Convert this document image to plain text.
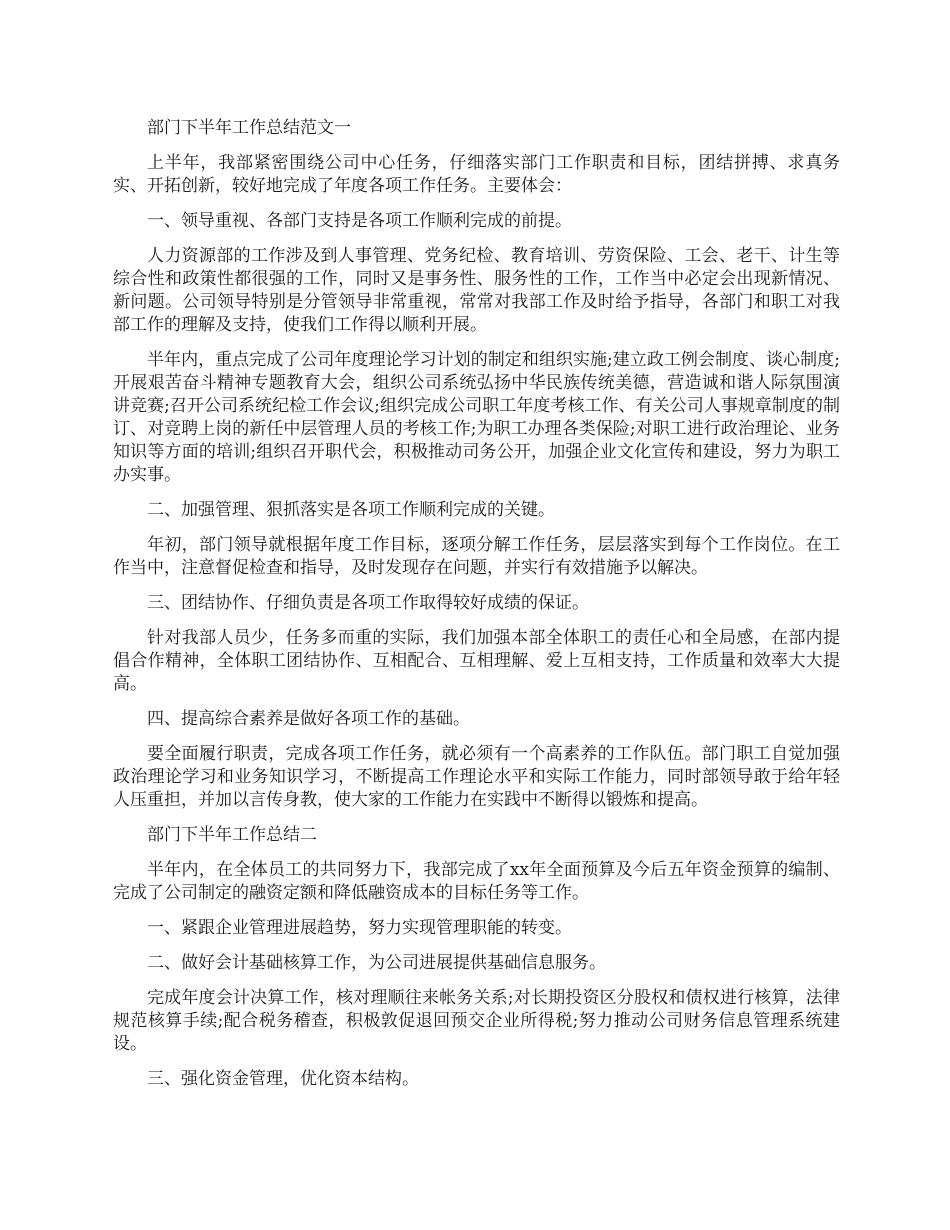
部门下半年工作总结范文一

上半年，我部紧密围绕公司中心任务，仔细落实部门工作职责和目标，团结拼搏、求真务实、开拓创新，较好地完成了年度各项工作任务。主要体会：

一、领导重视、各部门支持是各项工作顺利完成的前提。

人力资源部的工作涉及到人事管理、党务纪检、教育培训、劳资保险、工会、老干、计生等综合性和政策性都很强的工作，同时又是事务性、服务性的工作，工作当中必定会出现新情况、新问题。公司领导特别是分管领导非常重视，常常对我部工作及时给予指导，各部门和职工对我部工作的理解及支持，使我们工作得以顺利开展。

半年内，重点完成了公司年度理论学习计划的制定和组织实施;建立政工例会制度、谈心制度;开展艰苦奋斗精神专题教育大会，组织公司系统弘扬中华民族传统美德，营造诚和谐人际氛围演讲竞赛;召开公司系统纪检工作会议;组织完成公司职工年度考核工作、有关公司人事规章制度的制订、对竞聘上岗的新任中层管理人员的考核工作;为职工办理各类保险;对职工进行政治理论、业务知识等方面的培训;组织召开职代会，积极推动司务公开，加强企业文化宣传和建设，努力为职工办实事。

二、加强管理、狠抓落实是各项工作顺利完成的关键。

年初，部门领导就根据年度工作目标，逐项分解工作任务，层层落实到每个工作岗位。在工作当中，注意督促检查和指导，及时发现存在问题，并实行有效措施予以解决。

三、团结协作、仔细负责是各项工作取得较好成绩的保证。

针对我部人员少，任务多而重的实际，我们加强本部全体职工的责任心和全局感，在部内提倡合作精神，全体职工团结协作、互相配合、互相理解、爱上互相支持，工作质量和效率大大提高。

四、提高综合素养是做好各项工作的基础。

要全面履行职责，完成各项工作任务，就必须有一个高素养的工作队伍。部门职工自觉加强政治理论学习和业务知识学习，不断提高工作理论水平和实际工作能力，同时部领导敢于给年轻人压重担，并加以言传身教，使大家的工作能力在实践中不断得以锻炼和提高。

部门下半年工作总结二

半年内，在全体员工的共同努力下，我部完成了xx年全面预算及今后五年资金预算的编制、完成了公司制定的融资定额和降低融资成本的目标任务等工作。

一、紧跟企业管理进展趋势，努力实现管理职能的转变。

二、做好会计基础核算工作，为公司进展提供基础信息服务。

完成年度会计决算工作，核对理顺往来帐务关系;对长期投资区分股权和债权进行核算，法律规范核算手续;配合税务稽查，积极敦促退回预交企业所得税;努力推动公司财务信息管理系统建设。

三、强化资金管理，优化资本结构。
